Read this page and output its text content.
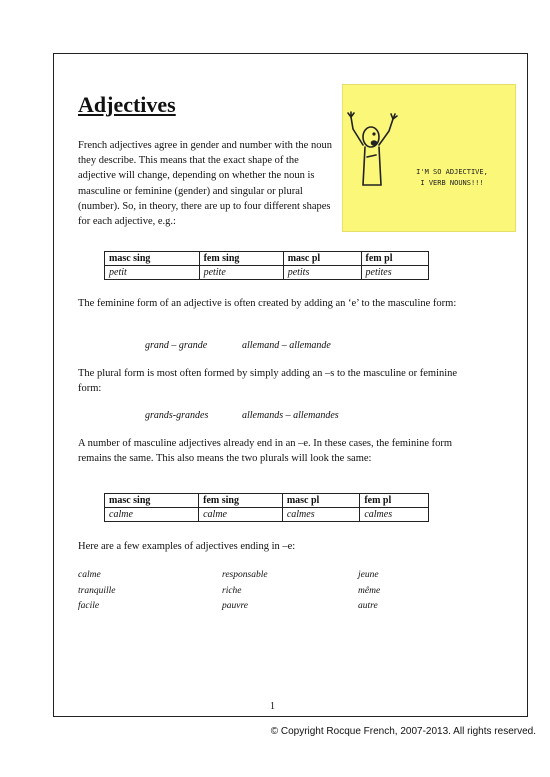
Adjectives

French adjectives agree in gender and number with the noun they describe. This means that the exact shape of the adjective will change, depending on whether the noun is masculine or feminine (gender) and singular or plural (number). So, in theory, there are up to four different shapes for each adjective, e.g.:

I'M SO ADJECTIVE,
I VERB NOUNS!!!
masc sing	fem sing	masc pl	fem pl
petit	petite	petits	petites

The feminine form of an adjective is often created by adding an ‘e’ to the masculine form:

grand – grande	allemand – allemande

The plural form is most often formed by simply adding an –s to the masculine or feminine form:

grands-grandes	allemands – allemandes

A number of masculine adjectives already end in an –e. In these cases, the feminine form remains the same. This also means the two plurals will look the same:

masc sing	fem sing	masc pl	fem pl
calme	calme	calmes	calmes

Here are a few examples of adjectives ending in –e:

calme
tranquille
facile
responsable
riche
pauvre
jeune
même
autre
1
© Copyright Rocque French, 2007-2013. All rights reserved.
